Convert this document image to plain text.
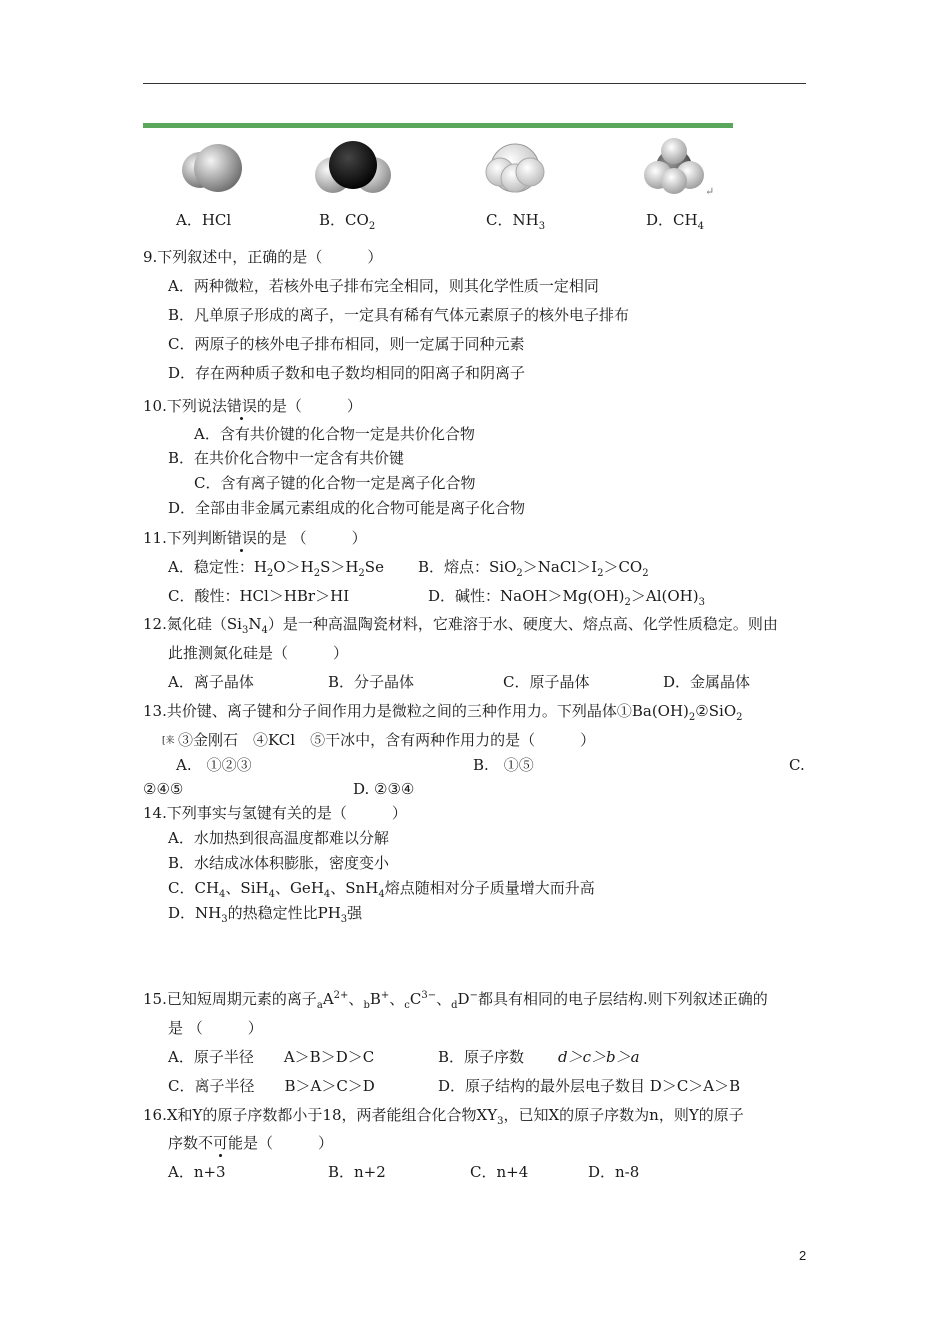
↵
A．HCl	B．$CO_2$	C．$NH_3$	D．$CH_4$
9.下列叙述中，正确的是（　　　）
A．两种微粒，若核外电子排布完全相同，则其化学性质一定相同
B．凡单原子形成的离子，一定具有稀有气体元素原子的核外电子排布
C．两原子的核外电子排布相同，则一定属于同种元素
D．存在两种质子数和电子数均相同的阳离子和阴离子
10.下列说法错误的是（　　　）
A．含有共价键的化合物一定是共价化合物
B．在共价化合物中一定含有共价键
C．含有离子键的化合物一定是离子化合物
D．全部由非金属元素组成的化合物可能是离子化合物
11.下列判断错误的是 （　　　）
A．稳定性：$H_2O>H_2S>H_2Se$ B．熔点：$SiO_2>NaCl>I_2>CO_2$
C．酸性：HCl＞HBr＞HI	D．碱性：$NaOH>Mg(OH)_2>Al(OH)_3$
12.氮化硅$(Si_3N_4)$是一种高温陶瓷材料，它难溶于水、硬度大、熔点高、化学性质稳定。则由
此推测氮化硅是（　　　）
A．离子晶体	B．分子晶体	C．原子晶体	D．金属晶体
13.共价键、离子键和分子间作用力是微粒之间的三种作用力。下列晶体$①Ba(OH)_2②SiO_2$
[来 ③金刚石　④KCl　⑤干冰中，含有两种作用力的是（　　　）
A.　①②③	B.　①⑤	C.
②④⑤	D. ②③④
14.下列事实与氢键有关的是（　　　）
A．水加热到很高温度都难以分解
B．水结成冰体积膨胀，密度变小
C．$CH_4$、SiH$_4$、GeH$_4$、SnH$_4$熔点随相对分子质量增大而升高
D．$NH_3$的热稳定性比$PH_3$强
15.已知短周期元素的离子$_aA^{2+}$、$_b$B+、$_cC^{3-}$、$_d$D−都具有相同的电子层结构.则下列叙述正确的
是 （　　　）
A．原子半径　　A＞B＞D＞C	B．原子序数 d＞c＞b＞a
C．离子半径　　B＞A＞C＞D	D．原子结构的最外层电子数目 D＞C＞A＞B
16.X和Y的原子序数都小于18，两者能组合化合物$XY_3$，已知X的原子序数为n，则Y的原子
序数不可能是（　　　）
A．n+3	B．n+2	C．n+4	D．n-8
2
